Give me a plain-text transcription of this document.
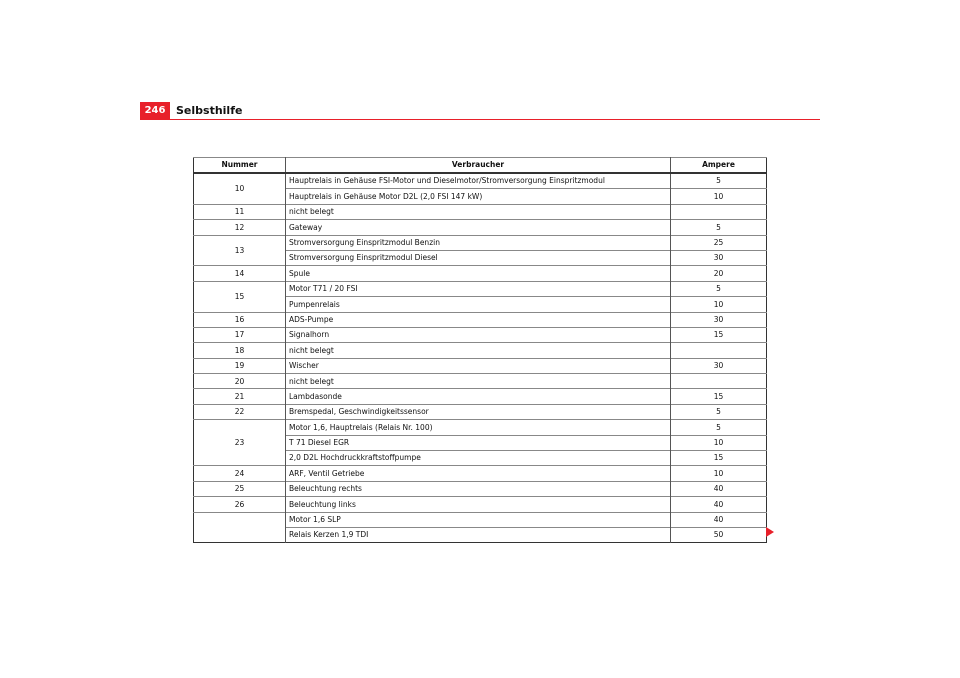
246 Selbsthilfe
Nummer	Verbraucher	Ampere
10	Hauptrelais in Gehäuse FSI-Motor und Dieselmotor/Stromversorgung Einspritzmodul	5
	Hauptrelais in Gehäuse Motor D2L (2,0 FSI 147 kW)	10
11	nicht belegt	
12	Gateway	5
13	Stromversorgung Einspritzmodul Benzin	25
	Stromversorgung Einspritzmodul Diesel	30
14	Spule	20
15	Motor T71 / 20 FSI	5
	Pumpenrelais	10
16	ADS-Pumpe	30
17	Signalhorn	15
18	nicht belegt	
19	Wischer	30
20	nicht belegt	
21	Lambdasonde	15
22	Bremspedal, Geschwindigkeitssensor	5
23	Motor 1,6, Hauptrelais (Relais Nr. 100)	5
	T 71 Diesel EGR	10
	2,0 D2L Hochdruckkraftstoffpumpe	15
24	ARF, Ventil Getriebe	10
25	Beleuchtung rechts	40
26	Beleuchtung links	40
	Motor 1,6 SLP	40
	Relais Kerzen 1,9 TDI	50
